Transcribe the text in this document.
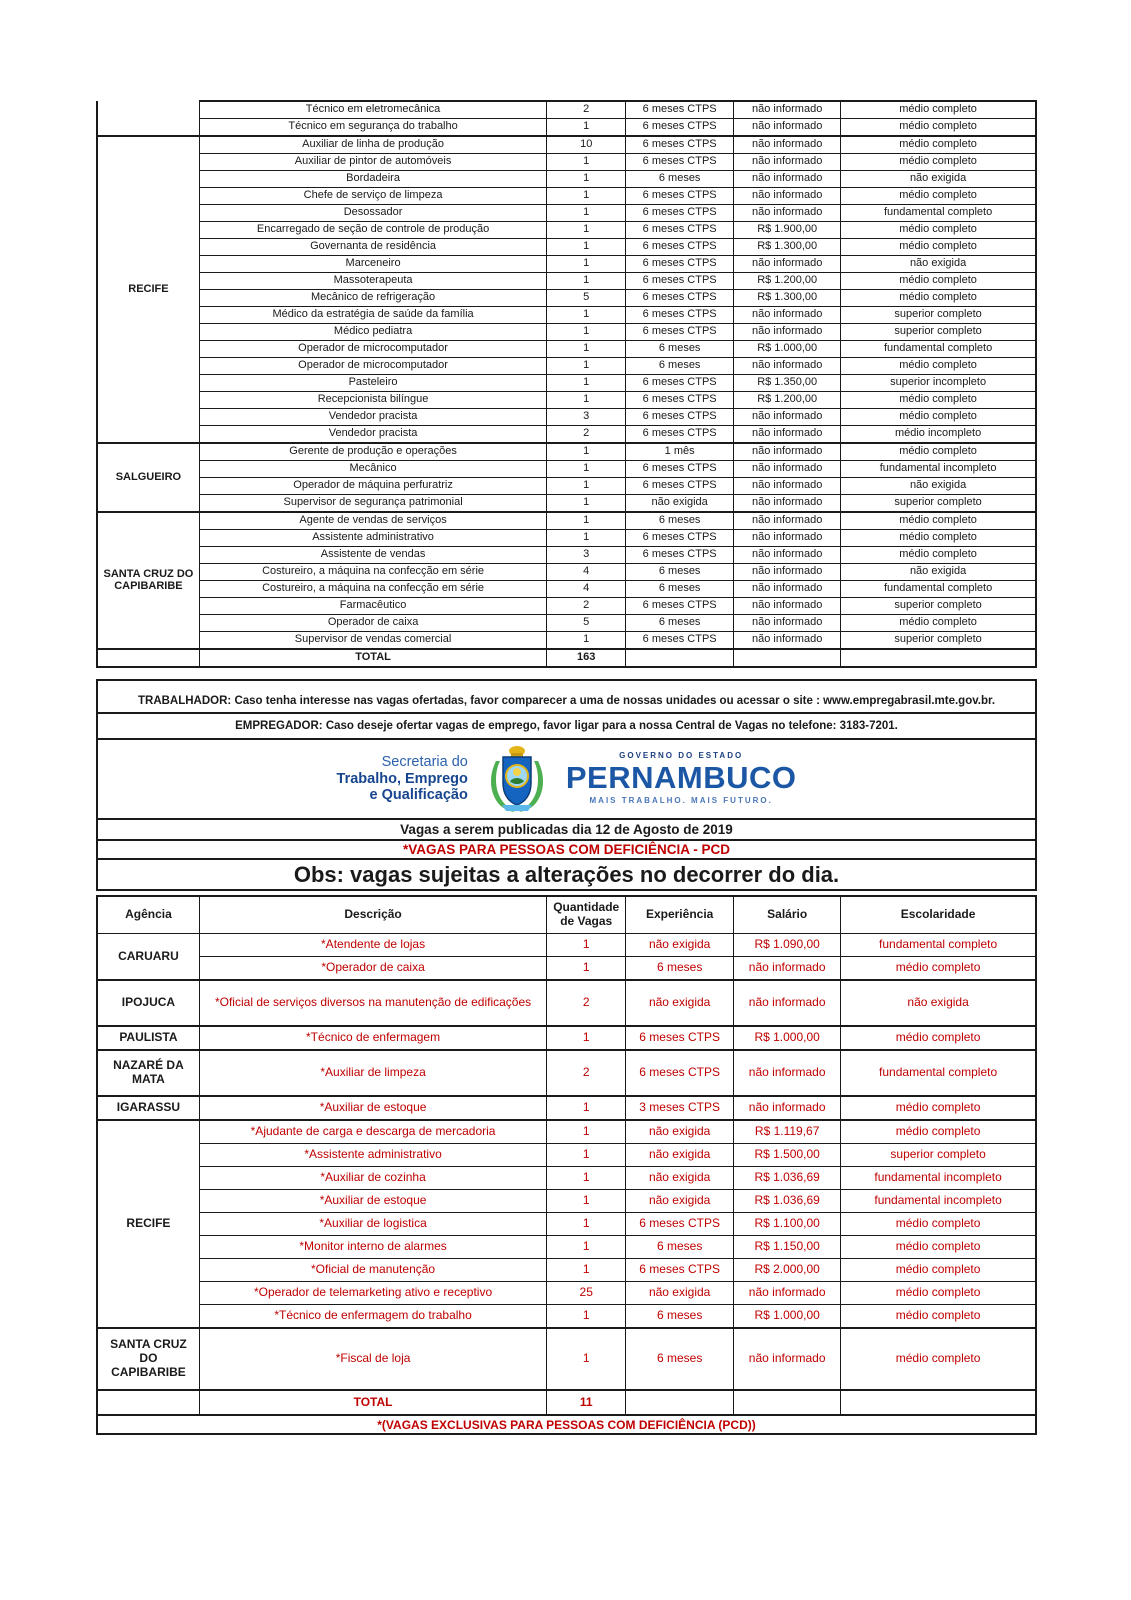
	Técnico em eletromecânica	2	6 meses CTPS	não informado	médio completo
	Técnico em segurança do trabalho	1	6 meses CTPS	não informado	médio completo
RECIFE	Auxiliar de linha de produção	10	6 meses CTPS	não informado	médio completo
	Auxiliar de pintor de automóveis	1	6 meses CTPS	não informado	médio completo
	Bordadeira	1	6 meses	não informado	não exigida
	Chefe de serviço de limpeza	1	6 meses CTPS	não informado	médio completo
	Desossador	1	6 meses CTPS	não informado	fundamental completo
	Encarregado de seção de controle de produção	1	6 meses CTPS	R$ 1.900,00	médio completo
	Governanta de residência	1	6 meses CTPS	R$ 1.300,00	médio completo
	Marceneiro	1	6 meses CTPS	não informado	não exigida
	Massoterapeuta	1	6 meses CTPS	R$ 1.200,00	médio completo
	Mecânico de refrigeração	5	6 meses CTPS	R$ 1.300,00	médio completo
	Médico da estratégia de saúde da família	1	6 meses CTPS	não informado	superior completo
	Médico pediatra	1	6 meses CTPS	não informado	superior completo
	Operador de microcomputador	1	6 meses	R$ 1.000,00	fundamental completo
	Operador de microcomputador	1	6 meses	não informado	médio completo
	Pasteleiro	1	6 meses CTPS	R$ 1.350,00	superior incompleto
	Recepcionista bilíngue	1	6 meses CTPS	R$ 1.200,00	médio completo
	Vendedor pracista	3	6 meses CTPS	não informado	médio completo
	Vendedor pracista	2	6 meses CTPS	não informado	médio incompleto
SALGUEIRO	Gerente de produção e operações	1	1 mês	não informado	médio completo
	Mecânico	1	6 meses CTPS	não informado	fundamental incompleto
	Operador de máquina perfuratriz	1	6 meses CTPS	não informado	não exigida
	Supervisor de segurança patrimonial	1	não exigida	não informado	superior completo
SANTA CRUZ DO CAPIBARIBE	Agente de vendas de serviços	1	6 meses	não informado	médio completo
	Assistente administrativo	1	6 meses CTPS	não informado	médio completo
	Assistente de vendas	3	6 meses CTPS	não informado	médio completo
	Costureiro, a máquina na confecção em série	4	6 meses	não informado	não exigida
	Costureiro, a máquina na confecção em série	4	6 meses	não informado	fundamental completo
	Farmacêutico	2	6 meses CTPS	não informado	superior completo
	Operador de caixa	5	6 meses	não informado	médio completo
	Supervisor de vendas comercial	1	6 meses CTPS	não informado	superior completo
	TOTAL	163			
TRABALHADOR: Caso tenha interesse nas vagas ofertadas, favor comparecer a uma de nossas unidades ou acessar o site : www.empregabrasil.mte.gov.br.
EMPREGADOR: Caso deseje ofertar vagas de emprego, favor ligar para a nossa Central de Vagas no telefone: 3183-7201.
Secretaria do
Trabalho, Emprego
e Qualificação
GOVERNO DO ESTADO
PERNAMBUCO
MAIS TRABALHO. MAIS FUTURO.
Vagas a serem publicadas dia 12 de Agosto de 2019
*VAGAS PARA PESSOAS COM DEFICIÊNCIA - PCD
Obs: vagas sujeitas a alterações no decorrer do dia.
Agência	Descrição	Quantidade de Vagas	Experiência	Salário	Escolaridade
CARUARU	*Atendente de lojas	1	não exigida	R$ 1.090,00	fundamental completo
	*Operador de caixa	1	6 meses	não informado	médio completo
IPOJUCA	*Oficial de serviços diversos na manutenção de edificações	2	não exigida	não informado	não exigida
PAULISTA	*Técnico de enfermagem	1	6 meses CTPS	R$ 1.000,00	médio completo
NAZARÉ DA MATA	*Auxiliar de limpeza	2	6 meses CTPS	não informado	fundamental completo
IGARASSU	*Auxiliar de estoque	1	3 meses CTPS	não informado	médio completo
RECIFE	*Ajudante de carga e descarga de mercadoria	1	não exigida	R$ 1.119,67	médio completo
	*Assistente administrativo	1	não exigida	R$ 1.500,00	superior completo
	*Auxiliar de cozinha	1	não exigida	R$ 1.036,69	fundamental incompleto
	*Auxiliar de estoque	1	não exigida	R$ 1.036,69	fundamental incompleto
	*Auxiliar de logistica	1	6 meses CTPS	R$ 1.100,00	médio completo
	*Monitor interno de alarmes	1	6 meses	R$ 1.150,00	médio completo
	*Oficial de manutenção	1	6 meses CTPS	R$ 2.000,00	médio completo
	*Operador de telemarketing ativo e receptivo	25	não exigida	não informado	médio completo
	*Técnico de enfermagem do trabalho	1	6 meses	R$ 1.000,00	médio completo
SANTA CRUZ DO CAPIBARIBE	*Fiscal de loja	1	6 meses	não informado	médio completo
	TOTAL	11			
*(VAGAS EXCLUSIVAS PARA PESSOAS COM DEFICIÊNCIA (PCD))
